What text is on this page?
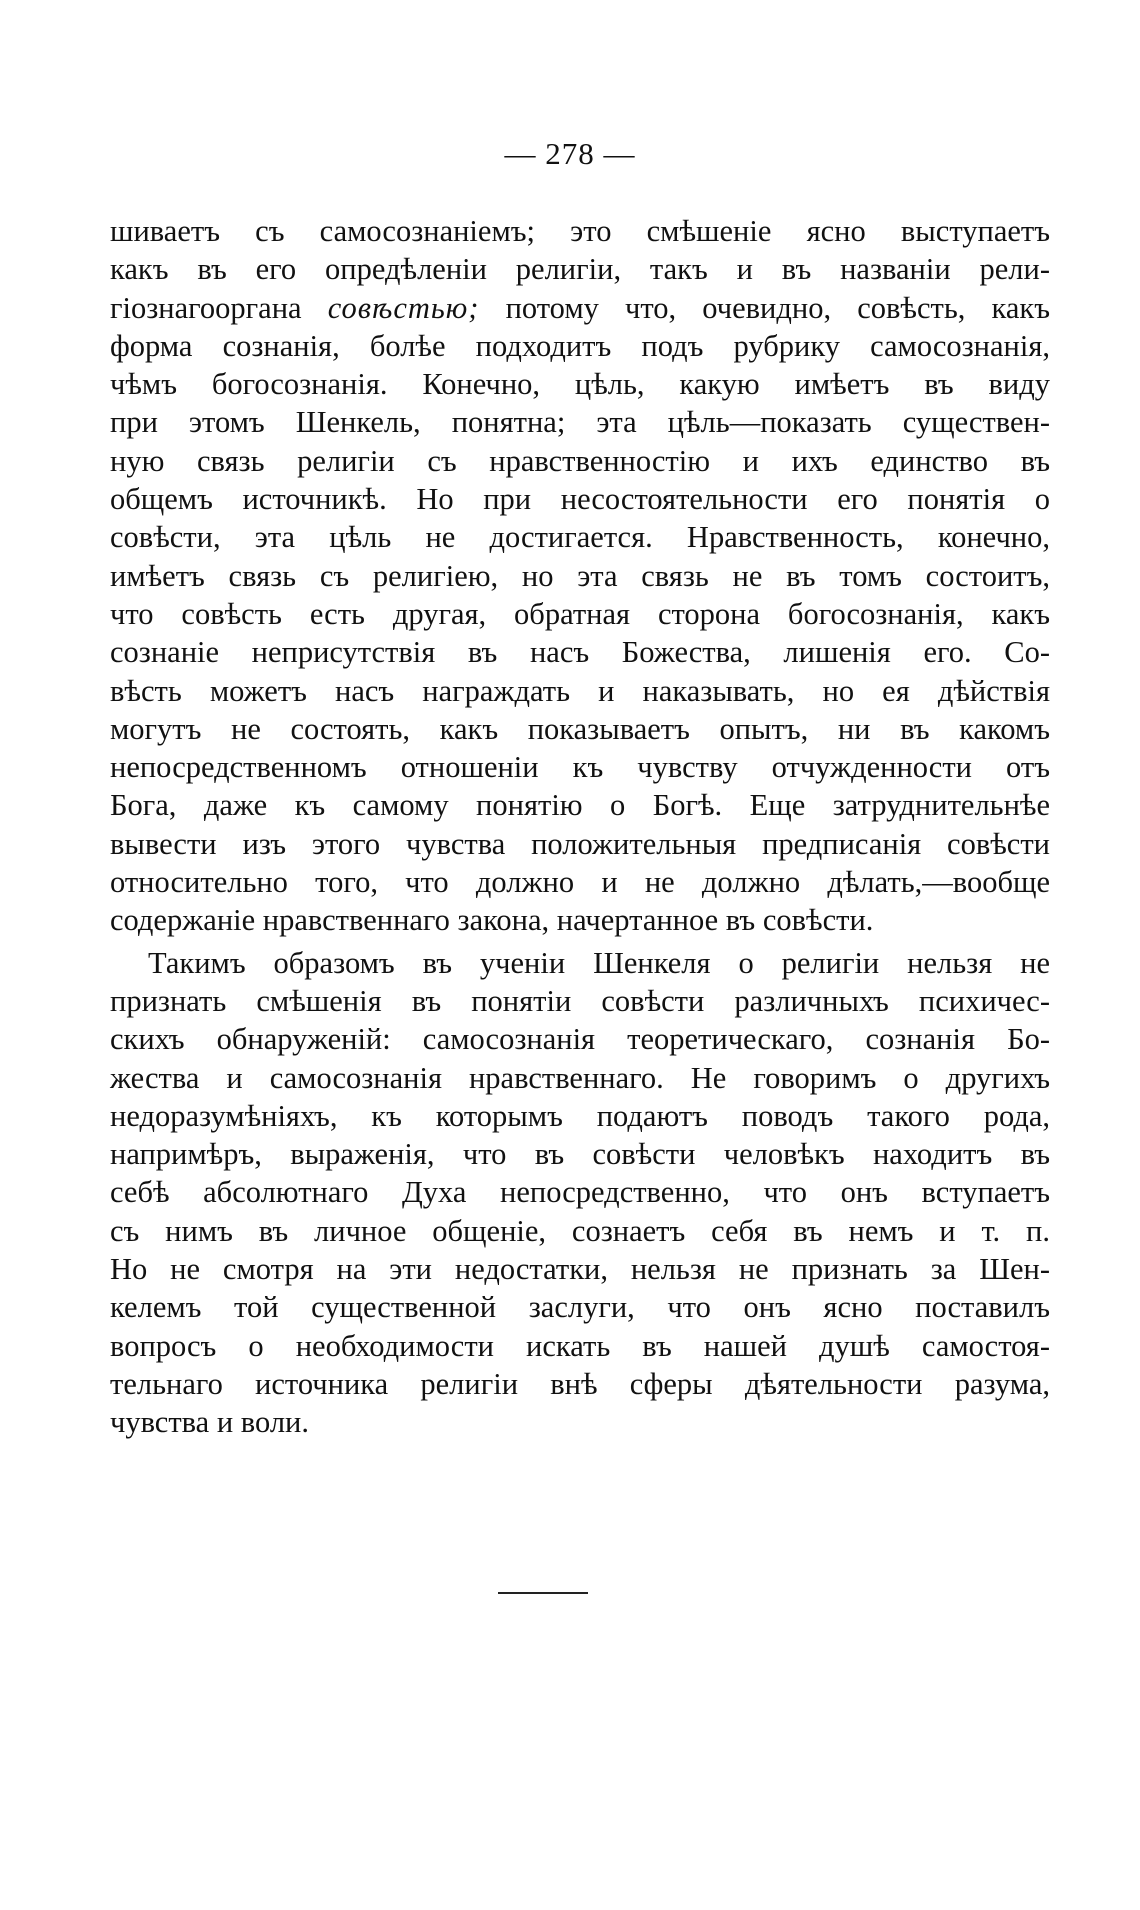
— 278 —
шиваетъ съ самосознаніемъ; это смѣшеніе ясно выступаетъ
какъ въ его опредѣленіи религіи, такъ и въ названіи рели-
гіознагооргана совѣстью; потому что, очевидно, совѣсть, какъ
форма сознанія, болѣе подходитъ подъ рубрику самосознанія,
чѣмъ богосознанія. Конечно, цѣль, какую имѣетъ въ виду
при этомъ Шенкель, понятна; эта цѣль—показать существен-
ную связь религіи съ нравственностію и ихъ единство въ
общемъ источникѣ. Но при несостоятельности его понятія о
совѣсти, эта цѣль не достигается. Нравственность, конечно,
имѣетъ связь съ религіею, но эта связь не въ томъ состоитъ,
что совѣсть есть другая, обратная сторона богосознанія, какъ
сознаніе неприсутствія въ насъ Божества, лишенія его. Со-
вѣсть можетъ насъ награждать и наказывать, но ея дѣйствія
могутъ не состоять, какъ показываетъ опытъ, ни въ какомъ
непосредственномъ отношеніи къ чувству отчужденности отъ
Бога, даже къ самому понятію о Богѣ. Еще затруднительнѣе
вывести изъ этого чувства положительныя предписанія совѣсти
относительно того, что должно и не должно дѣлать,—вообще
содержаніе нравственнаго закона, начертанное въ совѣсти.
Такимъ образомъ въ ученіи Шенкеля о религіи нельзя не
признать смѣшенія въ понятіи совѣсти различныхъ психичес-
скихъ обнаруженій: самосознанія теоретическаго, сознанія Бо-
жества и самосознанія нравственнаго. Не говоримъ о другихъ
недоразумѣніяхъ, къ которымъ подаютъ поводъ такого рода,
напримѣръ, выраженія, что въ совѣсти человѣкъ находитъ въ
себѣ абсолютнаго Духа непосредственно, что онъ вступаетъ
съ нимъ въ личное общеніе, сознаетъ себя въ немъ и т. п.
Но не смотря на эти недостатки, нельзя не признать за Шен-
келемъ той существенной заслуги, что онъ ясно поставилъ
вопросъ о необходимости искать въ нашей душѣ самостоя-
тельнаго источника религіи внѣ сферы дѣятельности разума,
чувства и воли.
